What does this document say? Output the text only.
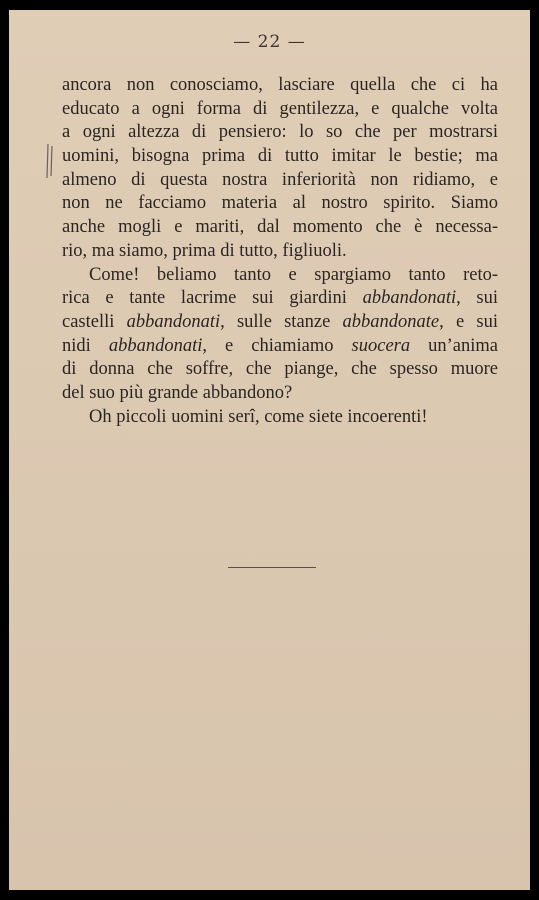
— 22 —
ancora non conosciamo, lasciare quella che ci ha
educato a ogni forma di gentilezza, e qualche volta
a ogni altezza di pensiero: lo so che per mostrarsi
uomini, bisogna prima di tutto imitar le bestie; ma
almeno di questa nostra inferiorità non ridiamo, e
non ne facciamo materia al nostro spirito. Siamo
anche mogli e mariti, dal momento che è necessa-
rio, ma siamo, prima di tutto, figliuoli.
Come! beliamo tanto e spargiamo tanto reto-
rica e tante lacrime sui giardini abbandonati, sui
castelli abbandonati, sulle stanze abbandonate, e sui
nidi abbandonati, e chiamiamo suocera un’anima
di donna che soffre, che piange, che spesso muore
del suo più grande abbandono?
Oh piccoli uomini serî, come siete incoerenti!
